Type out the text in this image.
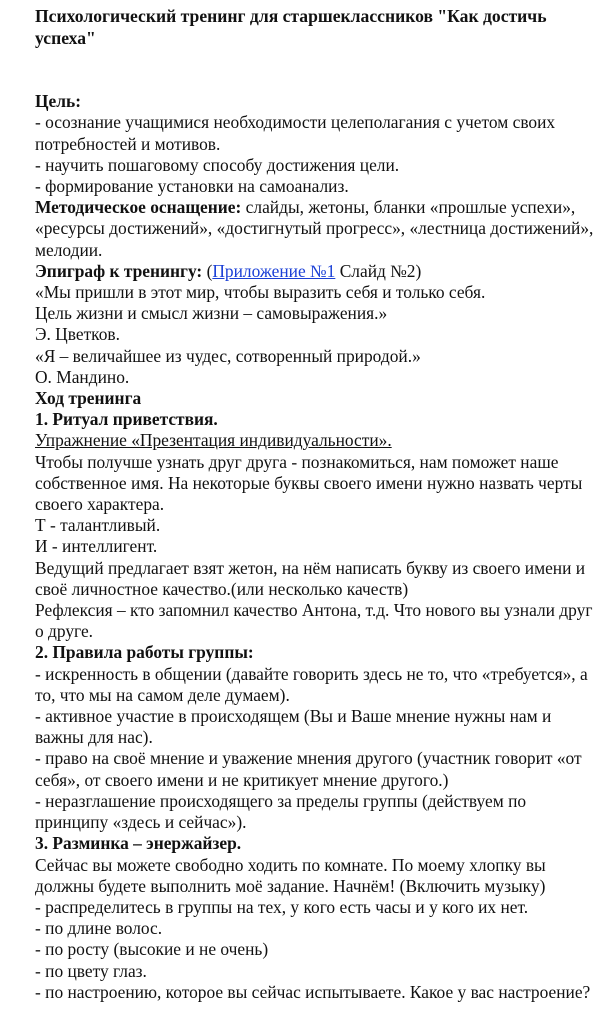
Психологический тренинг для старшеклассников "Как достичь успеха"

Цель:

- осознание учащимися необходимости целеполагания с учетом своих потребностей и мотивов.

- научить пошаговому способу достижения цели.

- формирование установки на самоанализ.

Методическое оснащение: слайды, жетоны, бланки «прошлые успехи», «ресурсы достижений», «достигнутый прогресс», «лестница достижений», мелодии.

Эпиграф к тренингу: (Приложение №1 Слайд №2)

«Мы пришли в этот мир, чтобы выразить себя и только себя.

Цель жизни и смысл жизни – самовыражения.»

Э. Цветков.

«Я – величайшее из чудес, сотворенный природой.»

О. Мандино.

Ход тренинга

1. Ритуал приветствия.

Упражнение «Презентация индивидуальности».

Чтобы получше узнать друг друга - познакомиться, нам поможет наше собственное имя. На некоторые буквы своего имени нужно назвать черты своего характера.

Т - талантливый.

И - интеллигент.

Ведущий предлагает взят жетон, на нём написать букву из своего имени и своё личностное качество.(или несколько качеств)

Рефлексия – кто запомнил качество Антона, т.д. Что нового вы узнали друг о друге.

2. Правила работы группы:

- искренность в общении (давайте говорить здесь не то, что «требуется», а то, что мы на самом деле думаем).

- активное участие в происходящем (Вы и Ваше мнение нужны нам и важны для нас).

- право на своё мнение и уважение мнения другого (участник говорит «от себя», от своего имени и не критикует мнение другого.)

- неразглашение происходящего за пределы группы (действуем по принципу «здесь и сейчас»).

3. Разминка – энержайзер.

Сейчас вы можете свободно ходить по комнате. По моему хлопку вы должны будете выполнить моё задание. Начнём! (Включить музыку)

- распределитесь в группы на тех, у кого есть часы и у кого их нет.

- по длине волос.

- по росту (высокие и не очень)

- по цвету глаз.

- по настроению, которое вы сейчас испытываете. Какое у вас настроение?
